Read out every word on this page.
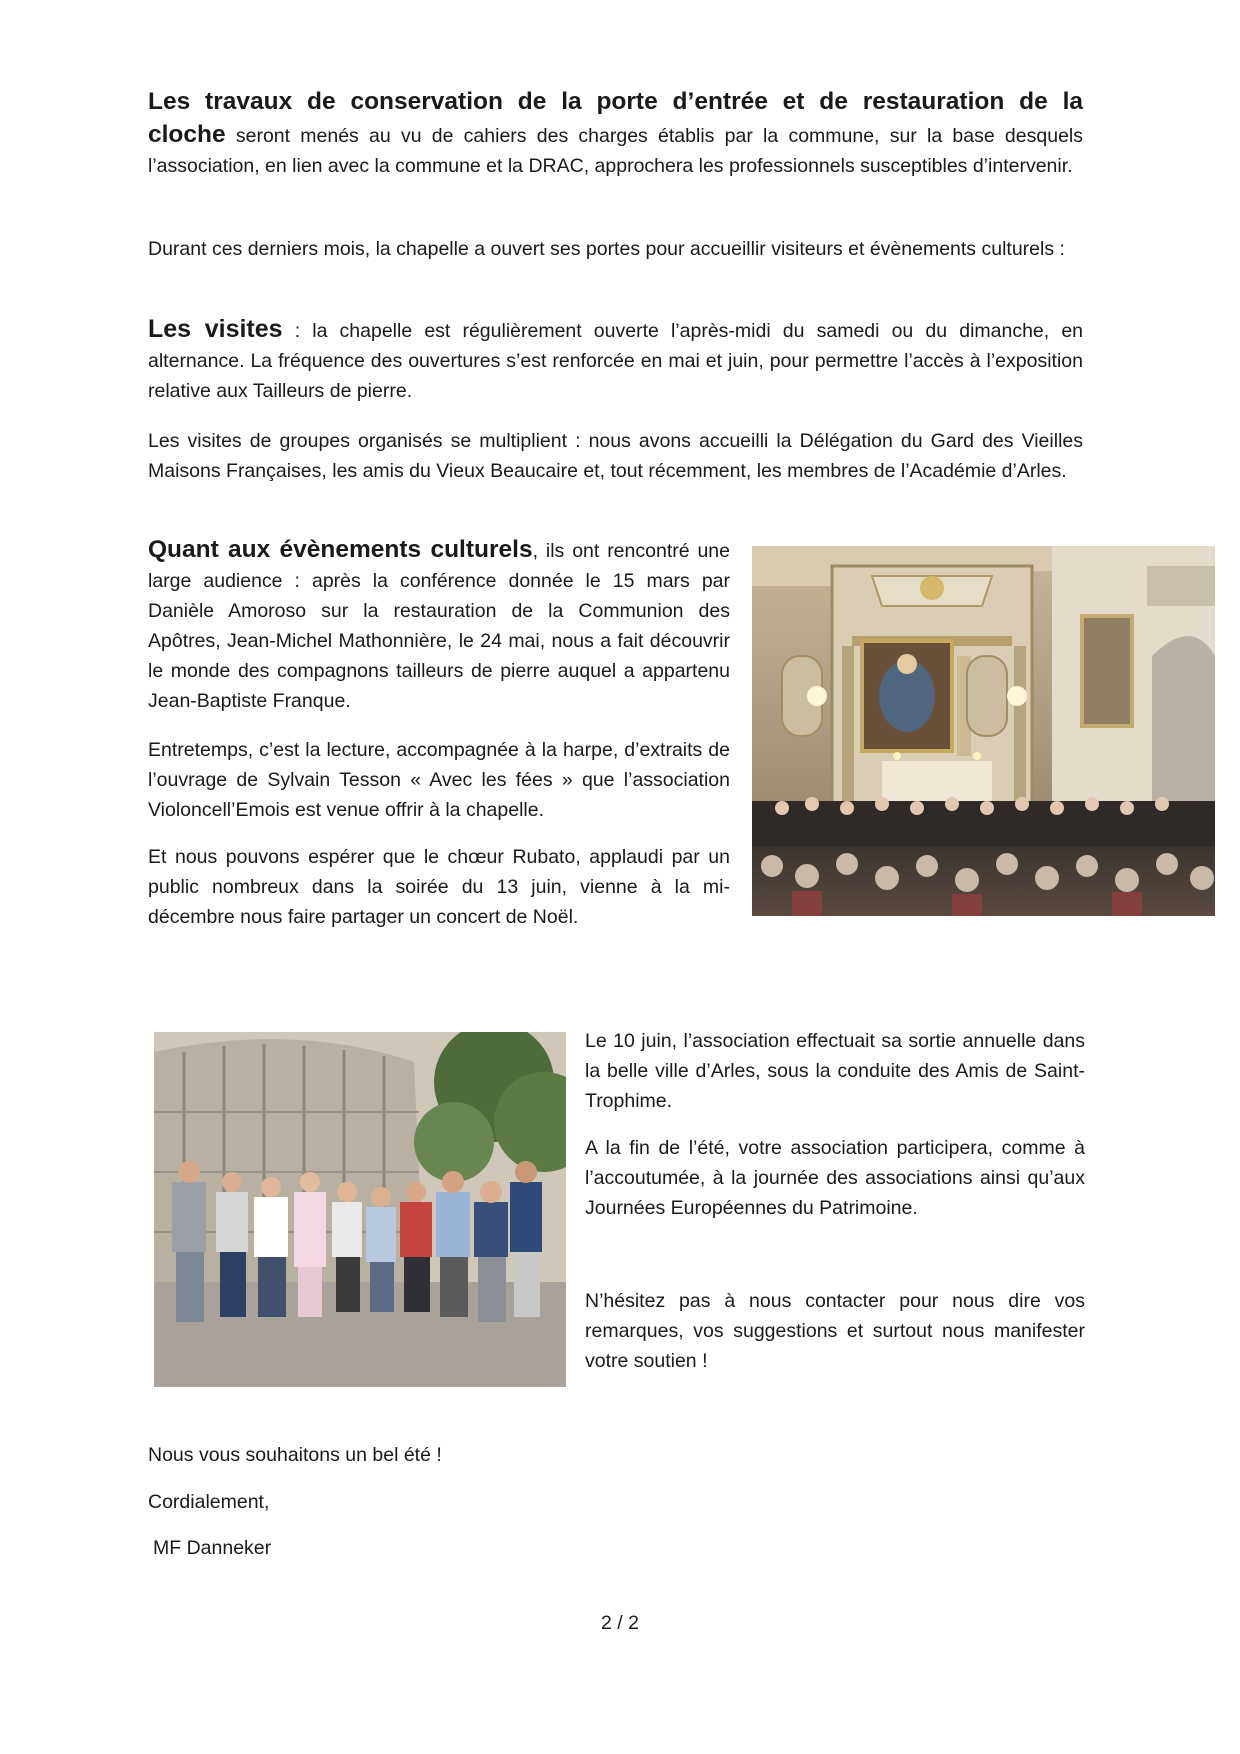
Les travaux de conservation de la porte d’entrée et de restauration de la
cloche seront menés au vu de cahiers des charges établis par la commune, sur la base desquels l’association, en lien avec la commune et la DRAC, approchera les professionnels susceptibles d’intervenir.

Durant ces derniers mois, la chapelle a ouvert ses portes pour accueillir visiteurs et évènements culturels :

Les visites : la chapelle est régulièrement ouverte l’après-midi du samedi ou du dimanche, en alternance. La fréquence des ouvertures s’est renforcée en mai et juin, pour permettre l’accès à l’exposition relative aux Tailleurs de pierre.

Les visites de groupes organisés se multiplient : nous avons accueilli la Délégation du Gard des Vieilles Maisons Françaises, les amis du Vieux Beaucaire et, tout récemment, les membres de l’Académie d’Arles.

Quant aux évènements culturels, ils ont rencontré une large audience : après la conférence donnée le 15 mars par Danièle Amoroso sur la restauration de la Communion des Apôtres, Jean-Michel Mathonnière, le 24 mai, nous a fait découvrir le monde des compagnons tailleurs de pierre auquel a appartenu Jean-Baptiste Franque.

Entretemps, c’est la lecture, accompagnée à la harpe, d’extraits de l’ouvrage de Sylvain Tesson « Avec les fées » que l’association Violoncell’Emois est venue offrir à la chapelle.

Et nous pouvons espérer que le chœur Rubato, applaudi par un public nombreux dans la soirée du 13 juin, vienne à la mi-décembre nous faire partager un concert de Noël.

Le 10 juin, l’association effectuait sa sortie annuelle dans la belle ville d’Arles, sous la conduite des Amis de Saint-Trophime.

A la fin de l’été, votre association participera, comme à l’accoutumée, à la journée des associations ainsi qu’aux Journées Européennes du Patrimoine.

N’hésitez pas à nous contacter pour nous dire vos remarques, vos suggestions et surtout nous manifester votre soutien !

Nous vous souhaitons un bel été !

Cordialement,

MF Danneker

2 / 2
